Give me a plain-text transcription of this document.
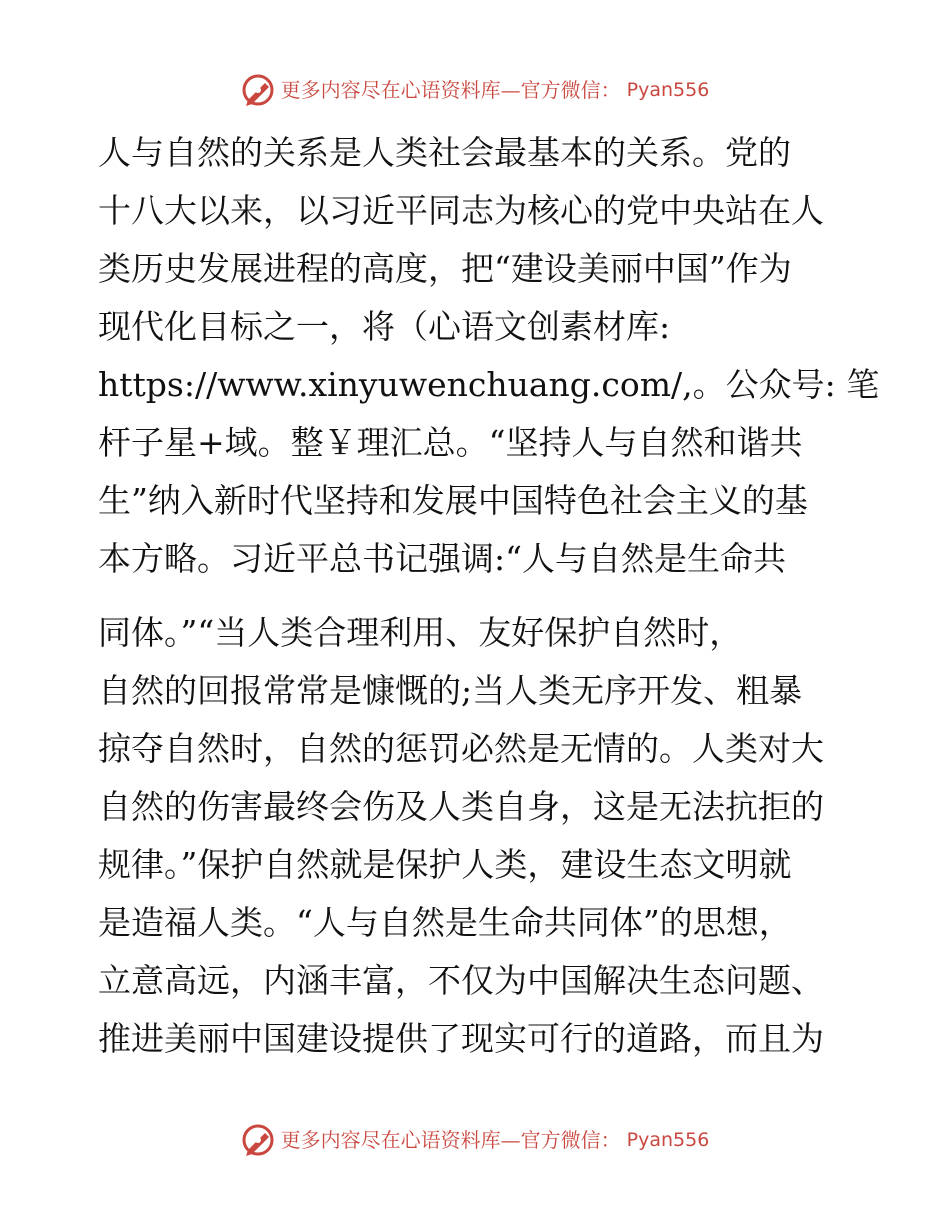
更多内容尽在心语资料库—官方微信： Pyan556
人与自然的关系是人类社会最基本的关系。党的
十八大以来，以习近平同志为核心的党中央站在人
类历史发展进程的高度，把“建设美丽中国”作为
现代化目标之一，将（心语文创素材库:
https://www.xinyuwenchuang.com/,。公众号: 笔
杆子星+域。整￥理汇总。“坚持人与自然和谐共
生”纳入新时代坚持和发展中国特色社会主义的基
本方略。习近平总书记强调:“人与自然是生命共
同体。”“当人类合理利用、友好保护自然时，
自然的回报常常是慷慨的;当人类无序开发、粗暴
掠夺自然时，自然的惩罚必然是无情的。人类对大
自然的伤害最终会伤及人类自身，这是无法抗拒的
规律。”保护自然就是保护人类，建设生态文明就
是造福人类。“人与自然是生命共同体”的思想，
立意高远，内涵丰富，不仅为中国解决生态问题、
推进美丽中国建设提供了现实可行的道路，而且为
更多内容尽在心语资料库—官方微信： Pyan556
